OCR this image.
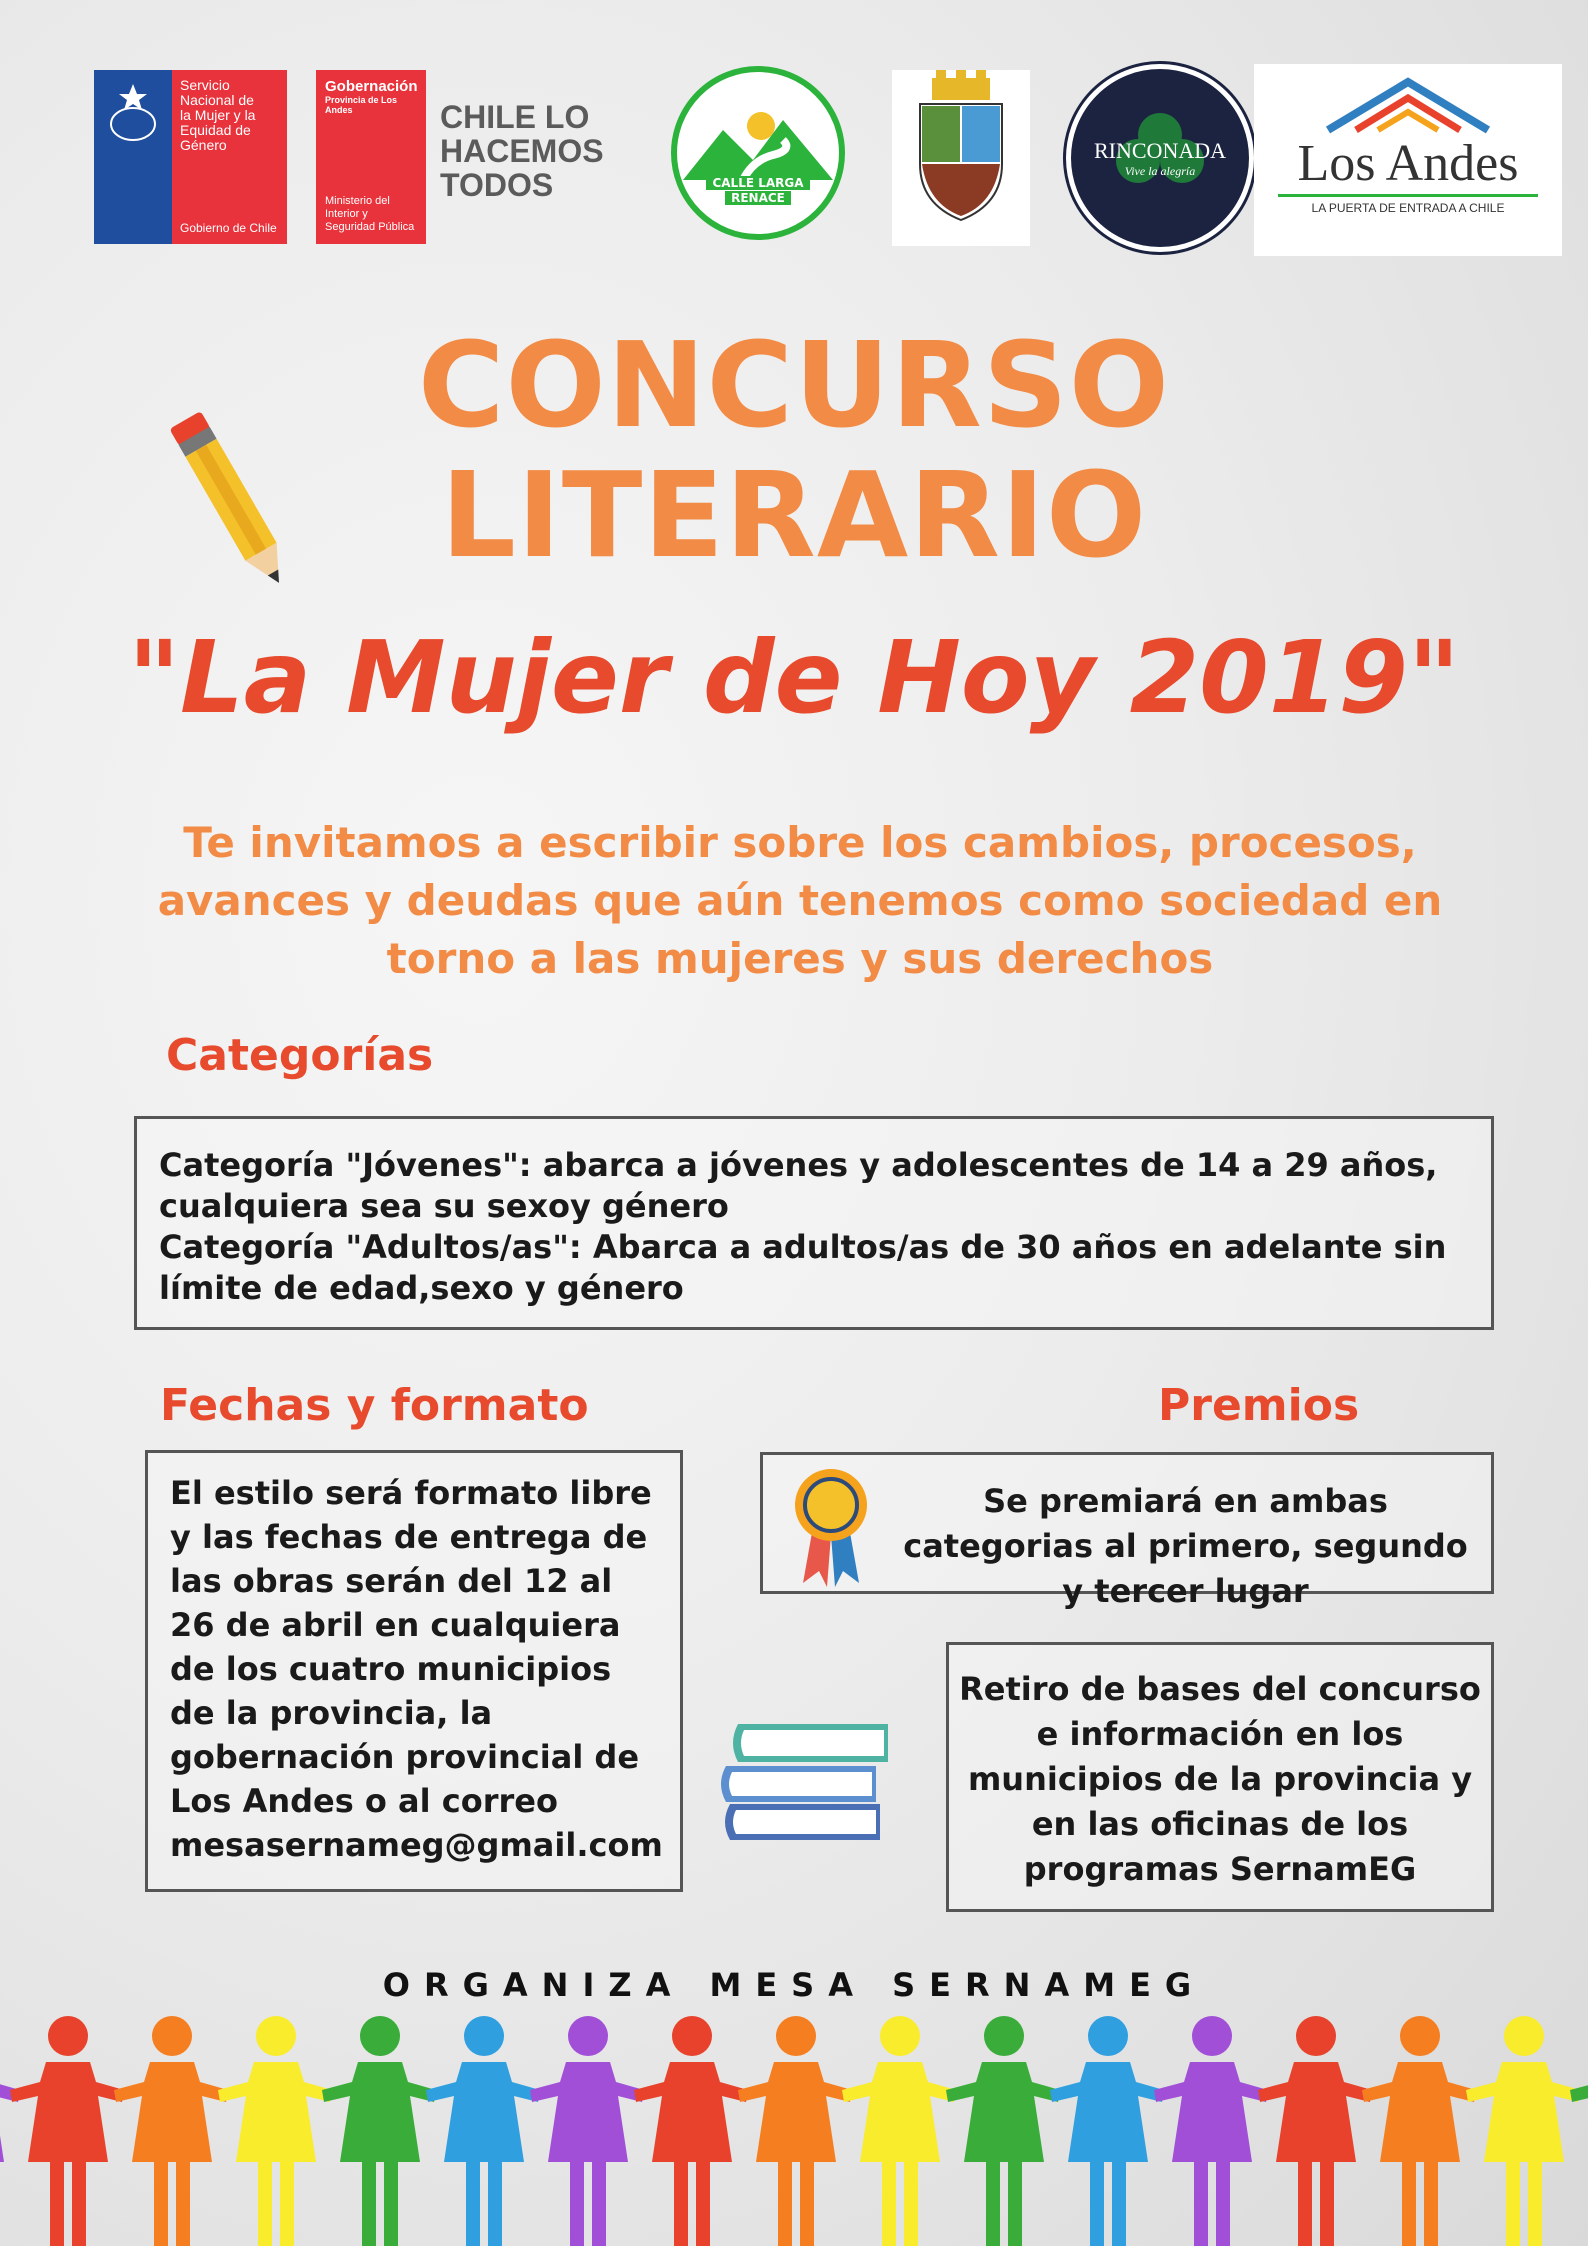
Servicio
Nacional de
la Mujer y la
Equidad de
Género
Gobierno de Chile
Gobernación
Provincia de Los Andes
Ministerio del
Interior y
Seguridad Pública
CHILE LO
HACEMOS
TODOS	CALLE LARGA
RENACE
RINCONADA
Vive la alegría	Los Andes
LA PUERTA DE ENTRADA A CHILE
CONCURSO
LITERARIO
"La Mujer de Hoy 2019"
Te invitamos a escribir sobre los cambios, procesos, avances y deudas que aún tenemos como sociedad en torno a las mujeres y sus derechos
Categorías
Categoría "Jóvenes": abarca a jóvenes y adolescentes de 14 a 29 años, cualquiera sea su sexoy género
Categoría "Adultos/as": Abarca a adultos/as de 30 años en adelante sin límite de edad,sexo y género
Fechas y formato
El estilo será formato libre y las fechas de entrega de las obras serán del 12 al 26 de abril en cualquiera de los cuatro municipios de la provincia, la gobernación provincial de Los Andes o al correo mesasernameg@gmail.com
Premios
Se premiará en ambas categorias al primero, segundo y tercer lugar
Retiro de bases del concurso e información en los municipios de la provincia y en las oficinas de los programas SernamEG
ORGANIZA MESA SERNAMEG
